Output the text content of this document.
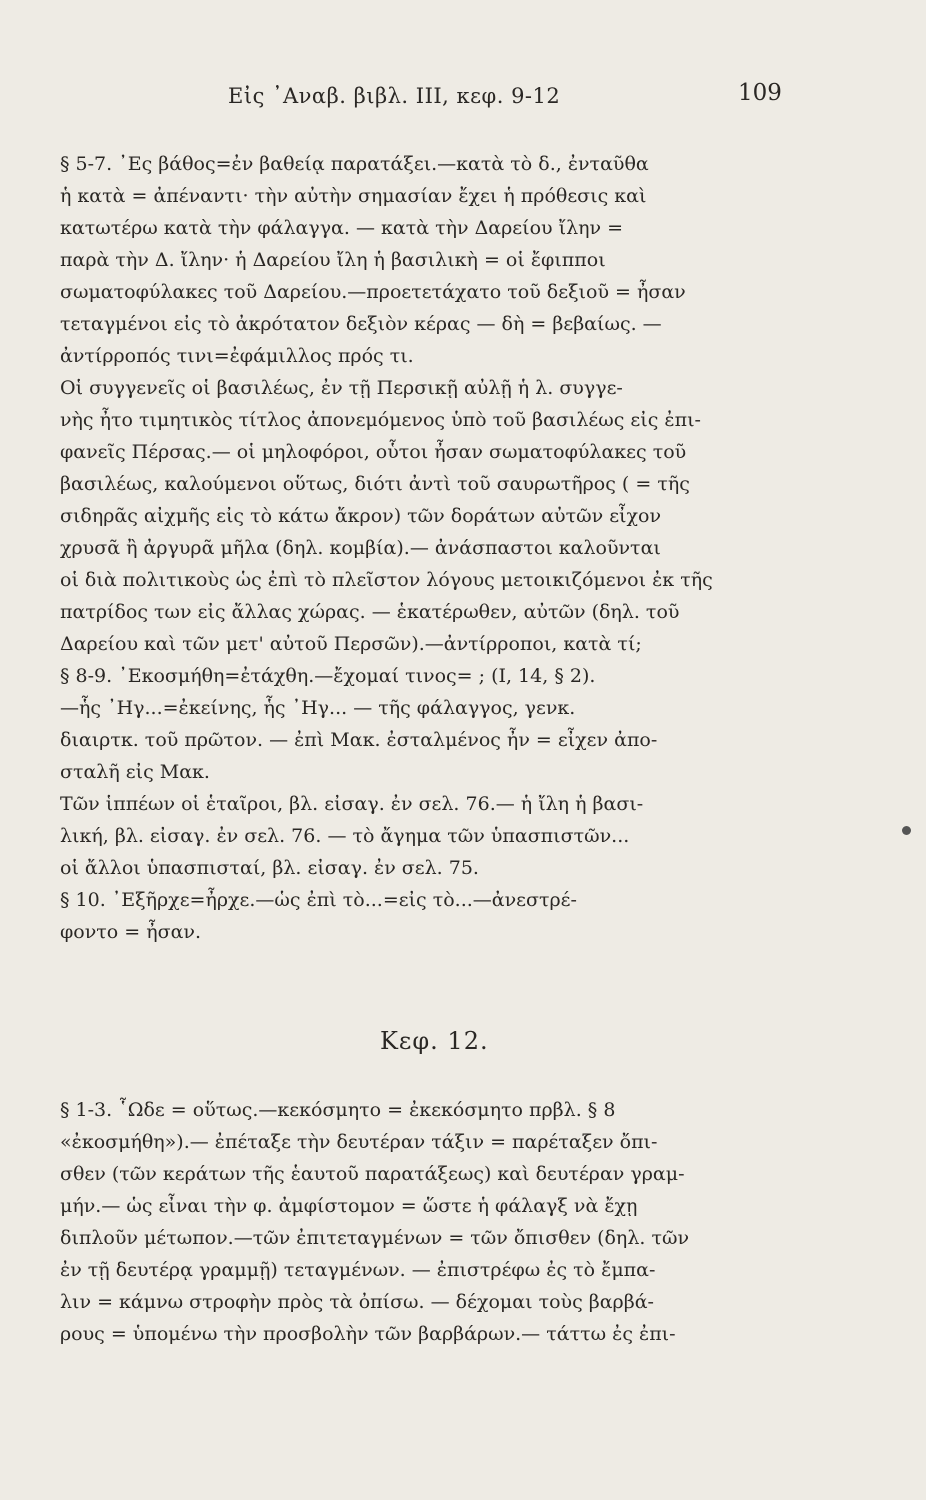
Εἰς ᾿Αναβ. βιβλ. ΙΙΙ, κεφ. 9-12	109
§ 5-7. ᾿Ες βάθος=ἐν βαθείᾳ παρατάξει.—κατὰ τὸ δ., ἐνταῦθα
ἡ κατὰ = ἀπέναντι· τὴν αὐτὴν σημασίαν ἔχει ἡ πρόθεσις καὶ
κατωτέρω κατὰ τὴν φάλαγγα. — κατὰ τὴν Δαρείου ἴλην =
παρὰ τὴν Δ. ἴλην· ἡ Δαρείου ἴλη ἡ βασιλικὴ = οἱ ἔφιπποι
σωματοφύλακες τοῦ Δαρείου.—προετετάχατο τοῦ δεξιοῦ = ἦσαν
τεταγμένοι εἰς τὸ ἀκρότατον δεξιὸν κέρας — δὴ = βεβαίως. —
ἀντίρροπός τινι=ἐφάμιλλος πρός τι.
Οἱ συγγενεῖς οἱ βασιλέως, ἐν τῇ Περσικῇ αὐλῇ ἡ λ. συγγε-
νὴς ἦτο τιμητικὸς τίτλος ἀπονεμόμενος ὑπὸ τοῦ βασιλέως εἰς ἐπι-
φανεῖς Πέρσας.— οἱ μηλοφόροι, οὗτοι ἦσαν σωματοφύλακες τοῦ
βασιλέως, καλούμενοι οὕτως, διότι ἀντὶ τοῦ σαυρωτῆρος ( = τῆς
σιδηρᾶς αἰχμῆς εἰς τὸ κάτω ἄκρον) τῶν δοράτων αὐτῶν εἶχον
χρυσᾶ ἢ ἀργυρᾶ μῆλα (δηλ. κομβία).— ἀνάσπαστοι καλοῦνται
οἱ διὰ πολιτικοὺς ὡς ἐπὶ τὸ πλεῖστον λόγους μετοικιζόμενοι ἐκ τῆς
πατρίδος των εἰς ἄλλας χώρας. — ἑκατέρωθεν, αὐτῶν (δηλ. τοῦ
Δαρείου καὶ τῶν μετ' αὐτοῦ Περσῶν).—ἀντίρροποι, κατὰ τί;
§ 8-9. ᾿Εκοσμήθη=ἐτάχθη.—ἔχομαί τινος= ; (Ι, 14, § 2).
—ἧς ᾿Ηγ...=ἐκείνης, ἧς ᾿Ηγ... — τῆς φάλαγγος, γενκ.
διαιρτκ. τοῦ πρῶτον. — ἐπὶ Μακ. ἐσταλμένος ἦν = εἶχεν ἀπο-
σταλῆ εἰς Μακ.
Τῶν ἱππέων οἱ ἑταῖροι, βλ. εἰσαγ. ἐν σελ. 76.— ἡ ἴλη ἡ βασι-
λική, βλ. εἰσαγ. ἐν σελ. 76. — τὸ ἄγημα τῶν ὑπασπιστῶν...
οἱ ἄλλοι ὑπασπισταί, βλ. εἰσαγ. ἐν σελ. 75.
§ 10. ᾿Εξῆρχε=ἦρχε.—ὡς ἐπὶ τὸ...=εἰς τὸ...—ἀνεστρέ-
φοντο = ἦσαν.
Κεφ. 12.
§ 1-3. ῟Ωδε = οὕτως.—κεκόσμητο = ἐκεκόσμητο πρβλ. § 8
«ἐκοσμήθη»).— ἐπέταξε τὴν δευτέραν τάξιν = παρέταξεν ὄπι-
σθεν (τῶν κεράτων τῆς ἑαυτοῦ παρατάξεως) καὶ δευτέραν γραμ-
μήν.— ὡς εἶναι τὴν φ. ἀμφίστομον = ὥστε ἡ φάλαγξ νὰ ἔχῃ
διπλοῦν μέτωπον.—τῶν ἐπιτεταγμένων = τῶν ὄπισθεν (δηλ. τῶν
ἐν τῇ δευτέρᾳ γραμμῇ) τεταγμένων. — ἐπιστρέφω ἐς τὸ ἔμπα-
λιν = κάμνω στροφὴν πρὸς τὰ ὀπίσω. — δέχομαι τοὺς βαρβά-
ρους = ὑπομένω τὴν προσβολὴν τῶν βαρβάρων.— τάττω ἐς ἐπι-
